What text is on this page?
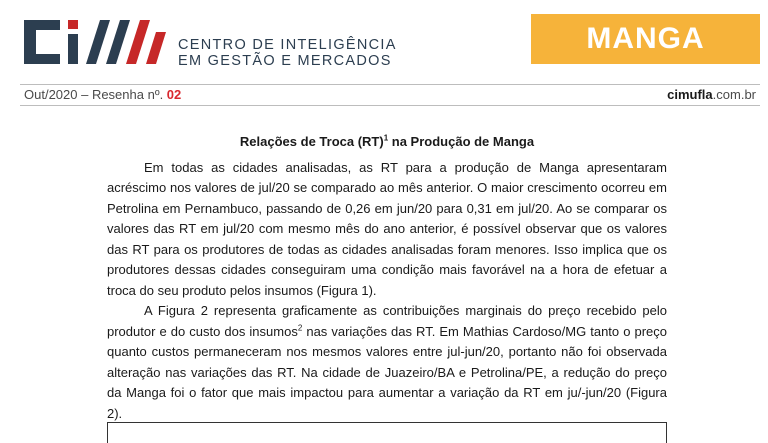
CENTRO DE INTELIGÊNCIA
EM GESTÃO E MERCADOS
MANGA
Out/2020 – Resenha nº. 02	cimufla.com.br
Relações de Troca (RT)$^1$ na Produção de Manga

Em todas as cidades analisadas, as RT para a produção de Manga apresentaram acréscimo nos valores de jul/20 se comparado ao mês anterior. O maior crescimento ocorreu em Petrolina em Pernambuco, passando de 0,26 em jun/20 para 0,31 em jul/20. Ao se comparar os valores das RT em jul/20 com mesmo mês do ano anterior, é possível observar que os valores das RT para os produtores de todas as cidades analisadas foram menores. Isso implica que os produtores dessas cidades conseguiram uma condição mais favorável na a hora de efetuar a troca do seu produto pelos insumos (Figura 1).

A Figura 2 representa graficamente as contribuições marginais do preço recebido pelo produtor e do custo dos insumos$^2$ nas variações das RT. Em Mathias Cardoso/MG tanto o preço quanto custos permaneceram nos mesmos valores entre jul-jun/20, portanto não foi observada alteração nas variações das RT. Na cidade de Juazeiro/BA e Petrolina/PE, a redução do preço da Manga foi o fator que mais impactou para aumentar a variação da RT em ju/-jun/20 (Figura 2).
